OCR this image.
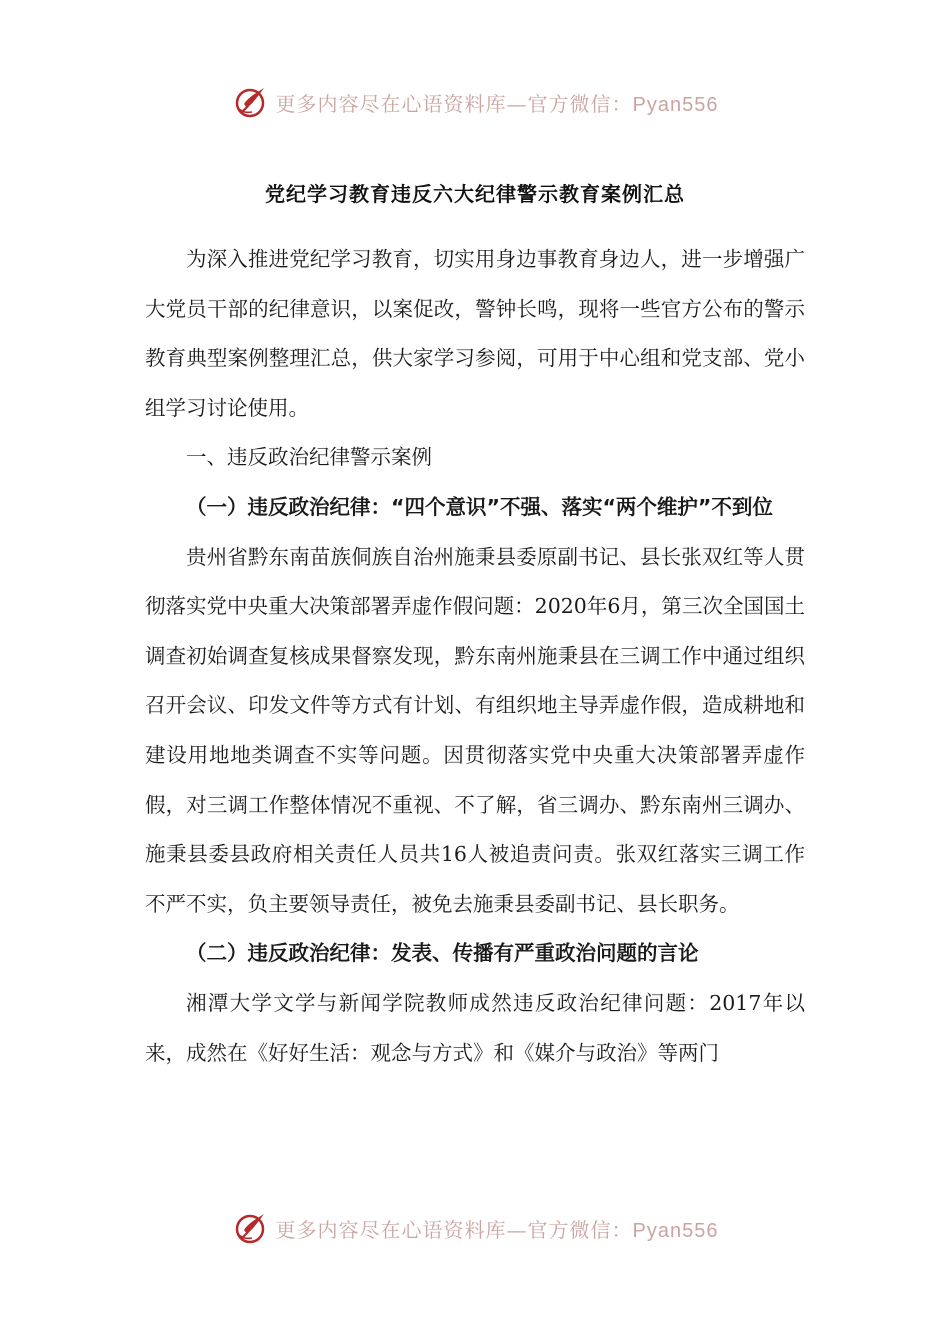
更多内容尽在心语资料库—官方微信：Pyan556
党纪学习教育违反六大纪律警示教育案例汇总

为深入推进党纪学习教育，切实用身边事教育身边人，进一步增强广大党员干部的纪律意识，以案促改，警钟长鸣，现将一些官方公布的警示教育典型案例整理汇总，供大家学习参阅，可用于中心组和党支部、党小组学习讨论使用。

一、违反政治纪律警示案例

（一）违反政治纪律：“四个意识”不强、落实“两个维护”不到位

贵州省黔东南苗族侗族自治州施秉县委原副书记、县长张双红等人贯彻落实党中央重大决策部署弄虚作假问题：2020年6月，第三次全国国土调查初始调查复核成果督察发现，黔东南州施秉县在三调工作中通过组织召开会议、印发文件等方式有计划、有组织地主导弄虚作假，造成耕地和建设用地地类调查不实等问题。因贯彻落实党中央重大决策部署弄虚作假，对三调工作整体情况不重视、不了解，省三调办、黔东南州三调办、施秉县委县政府相关责任人员共16人被追责问责。张双红落实三调工作不严不实，负主要领导责任，被免去施秉县委副书记、县长职务。

（二）违反政治纪律：发表、传播有严重政治问题的言论

湘潭大学文学与新闻学院教师成然违反政治纪律问题：2017年以来，成然在《好好生活：观念与方式》和《媒介与政治》等两门

更多内容尽在心语资料库—官方微信：Pyan556
